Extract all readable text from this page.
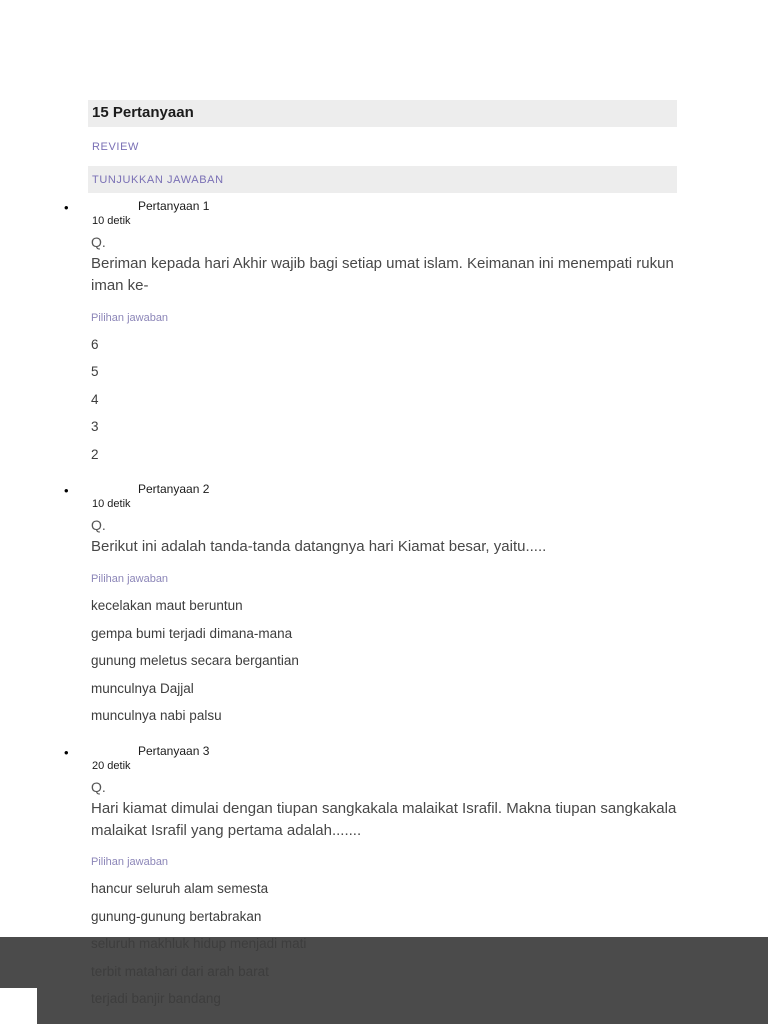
15 Pertanyaan
REVIEW
TUNJUKKAN JAWABAN
•	Pertanyaan 1
10 detik
Q.
Beriman kepada hari Akhir wajib bagi setiap umat islam. Keimanan ini menempati rukun iman ke-
Pilihan jawaban
6
5
4
3
2
•	Pertanyaan 2
10 detik
Q.
Berikut ini adalah tanda-tanda datangnya hari Kiamat besar, yaitu.....
Pilihan jawaban
kecelakan maut beruntun
gempa bumi terjadi dimana-mana
gunung meletus secara bergantian
munculnya Dajjal
munculnya nabi palsu
•	Pertanyaan 3
20 detik
Q.
Hari kiamat dimulai dengan tiupan sangkakala malaikat Israfil. Makna tiupan sangkakala malaikat Israfil yang pertama adalah.......
Pilihan jawaban
hancur seluruh alam semesta
gunung-gunung bertabrakan
seluruh makhluk hidup menjadi mati
terbit matahari dari arah barat
terjadi banjir bandang
